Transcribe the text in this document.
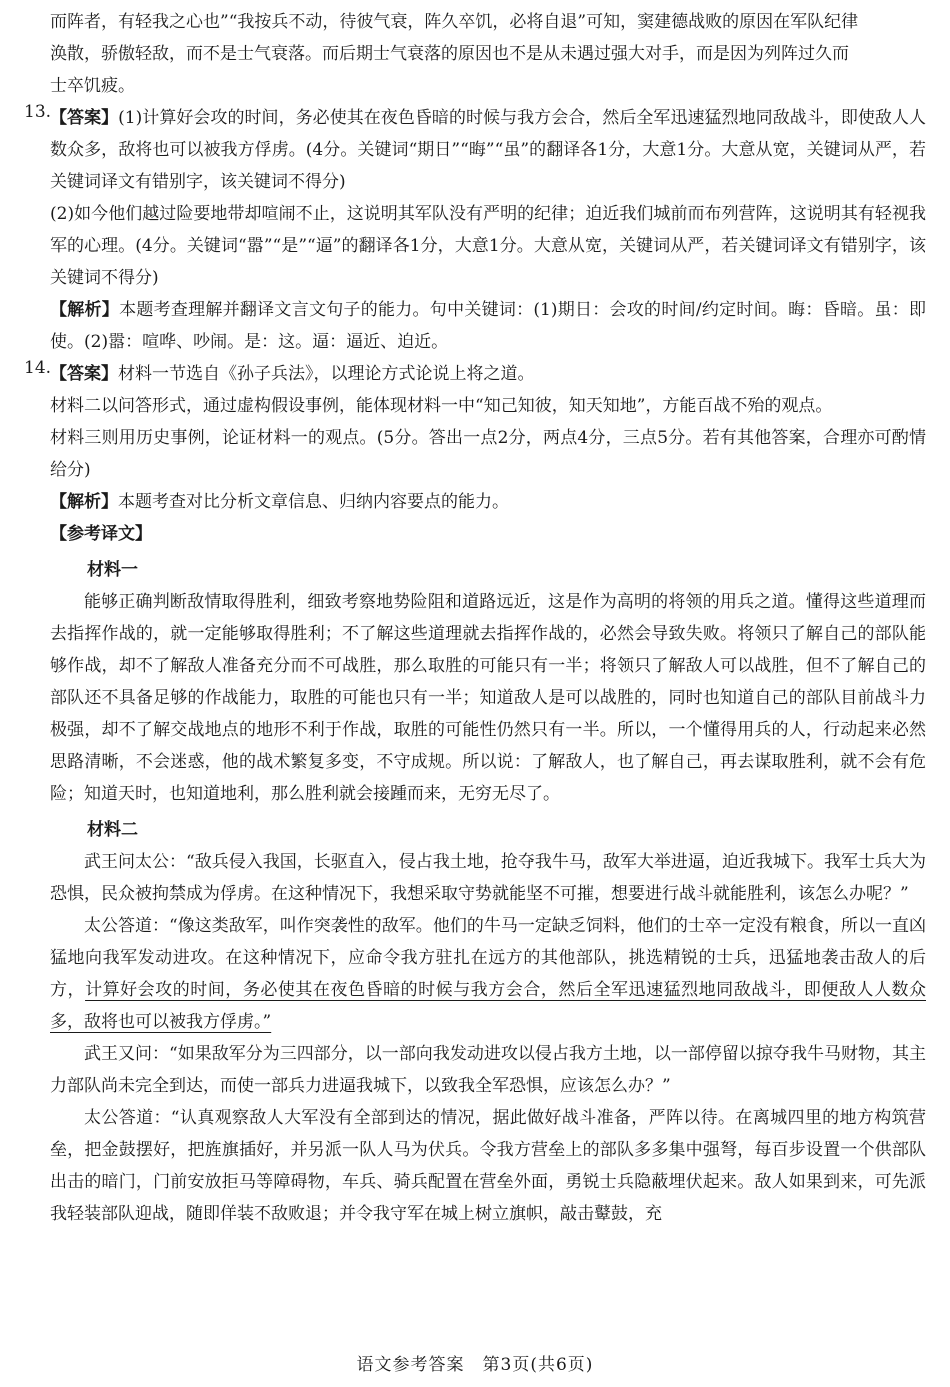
而阵者，有轻我之心也”“我按兵不动，待彼气衰，阵久卒饥，必将自退”可知，窦建德战败的原因在军队纪律

涣散，骄傲轻敌，而不是士气衰落。而后期士气衰落的原因也不是从未遇过强大对手，而是因为列阵过久而

士卒饥疲。

13.

【答案】(1)计算好会攻的时间，务必使其在夜色昏暗的时候与我方会合，然后全军迅速猛烈地同敌战斗，即使敌人人数众多，敌将也可以被我方俘虏。(4分。关键词“期日”“晦”“虽”的翻译各1分，大意1分。大意从宽，关键词从严，若关键词译文有错别字，该关键词不得分)

(2)如今他们越过险要地带却喧闹不止，这说明其军队没有严明的纪律；迫近我们城前而布列营阵，这说明其有轻视我军的心理。(4分。关键词“嚣”“是”“逼”的翻译各1分，大意1分。大意从宽，关键词从严，若关键词译文有错别字，该关键词不得分)

【解析】本题考查理解并翻译文言文句子的能力。句中关键词：(1)期日：会攻的时间/约定时间。晦：昏暗。虽：即使。(2)嚣：喧哗、吵闹。是：这。逼：逼近、迫近。

14.

【答案】材料一节选自《孙子兵法》，以理论方式论说上将之道。

材料二以问答形式，通过虚构假设事例，能体现材料一中“知己知彼，知天知地”，方能百战不殆的观点。

材料三则用历史事例，论证材料一的观点。(5分。答出一点2分，两点4分，三点5分。若有其他答案，合理亦可酌情给分)

【解析】本题考查对比分析文章信息、归纳内容要点的能力。

【参考译文】

材料一

能够正确判断敌情取得胜利，细致考察地势险阻和道路远近，这是作为高明的将领的用兵之道。懂得这些道理而去指挥作战的，就一定能够取得胜利；不了解这些道理就去指挥作战的，必然会导致失败。将领只了解自己的部队能够作战，却不了解敌人准备充分而不可战胜，那么取胜的可能只有一半；将领只了解敌人可以战胜，但不了解自己的部队还不具备足够的作战能力，取胜的可能也只有一半；知道敌人是可以战胜的，同时也知道自己的部队目前战斗力极强，却不了解交战地点的地形不利于作战，取胜的可能性仍然只有一半。所以，一个懂得用兵的人，行动起来必然思路清晰，不会迷惑，他的战术繁复多变，不守成规。所以说：了解敌人，也了解自己，再去谋取胜利，就不会有危险；知道天时，也知道地利，那么胜利就会接踵而来，无穷无尽了。

材料二

武王问太公：“敌兵侵入我国，长驱直入，侵占我土地，抢夺我牛马，敌军大举进逼，迫近我城下。我军士兵大为恐惧，民众被拘禁成为俘虏。在这种情况下，我想采取守势就能坚不可摧，想要进行战斗就能胜利，该怎么办呢？”

太公答道：“像这类敌军，叫作突袭性的敌军。他们的牛马一定缺乏饲料，他们的士卒一定没有粮食，所以一直凶猛地向我军发动进攻。在这种情况下，应命令我方驻扎在远方的其他部队，挑选精锐的士兵，迅猛地袭击敌人的后方，计算好会攻的时间，务必使其在夜色昏暗的时候与我方会合，然后全军迅速猛烈地同敌战斗，即便敌人人数众多，敌将也可以被我方俘虏。”

武王又问：“如果敌军分为三四部分，以一部向我发动进攻以侵占我方土地，以一部停留以掠夺我牛马财物，其主力部队尚未完全到达，而使一部兵力进逼我城下，以致我全军恐惧，应该怎么办？”

太公答道：“认真观察敌人大军没有全部到达的情况，据此做好战斗准备，严阵以待。在离城四里的地方构筑营垒，把金鼓摆好，把旌旗插好，并另派一队人马为伏兵。令我方营垒上的部队多多集中强弩，每百步设置一个供部队出击的暗门，门前安放拒马等障碍物，车兵、骑兵配置在营垒外面，勇锐士兵隐蔽埋伏起来。敌人如果到来，可先派我轻装部队迎战，随即佯装不敌败退；并令我守军在城上树立旗帜，敲击鼙鼓，充

语文参考答案　第3页(共6页)
